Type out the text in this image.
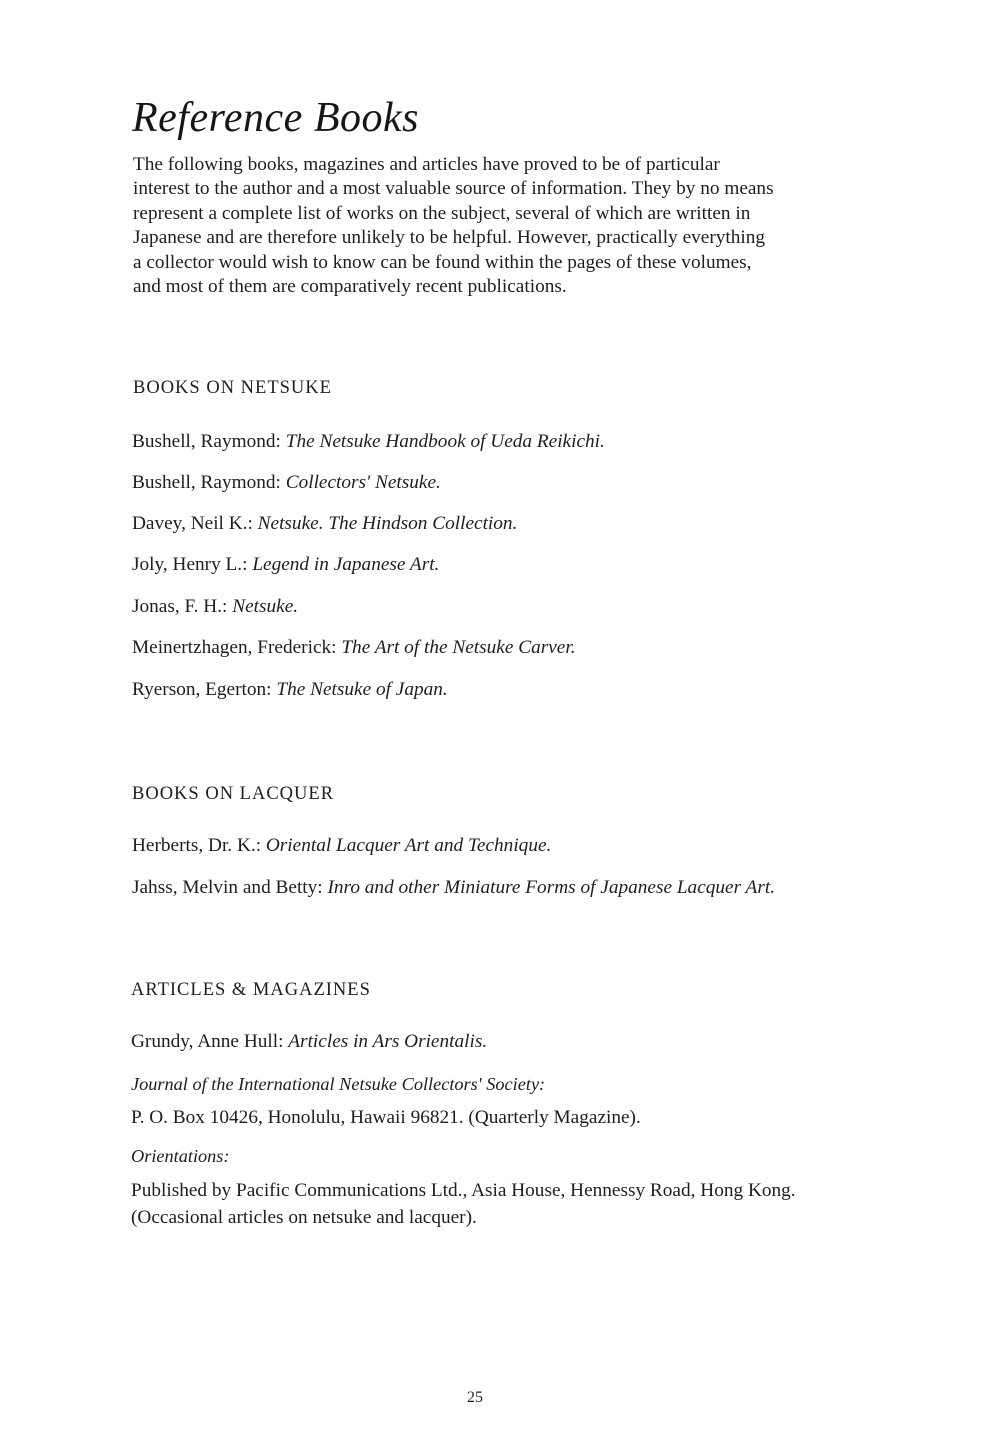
Reference Books

The following books, magazines and articles have proved to be of particular
interest to the author and a most valuable source of information. They by no means
represent a complete list of works on the subject, several of which are written in
Japanese and are therefore unlikely to be helpful. However, practically everything
a collector would wish to know can be found within the pages of these volumes,
and most of them are comparatively recent publications.

BOOKS ON NETSUKE

Bushell, Raymond: The Netsuke Handbook of Ueda Reikichi.

Bushell, Raymond: Collectors' Netsuke.

Davey, Neil K.: Netsuke. The Hindson Collection.

Joly, Henry L.: Legend in Japanese Art.

Jonas, F. H.: Netsuke.

Meinertzhagen, Frederick: The Art of the Netsuke Carver.

Ryerson, Egerton: The Netsuke of Japan.

BOOKS ON LACQUER

Herberts, Dr. K.: Oriental Lacquer Art and Technique.

Jahss, Melvin and Betty: Inro and other Miniature Forms of Japanese Lacquer Art.

ARTICLES & MAGAZINES

Grundy, Anne Hull: Articles in Ars Orientalis.

Journal of the International Netsuke Collectors' Society:

P. O. Box 10426, Honolulu, Hawaii 96821. (Quarterly Magazine).

Orientations:

Published by Pacific Communications Ltd., Asia House, Hennessy Road, Hong Kong.

(Occasional articles on netsuke and lacquer).

25
